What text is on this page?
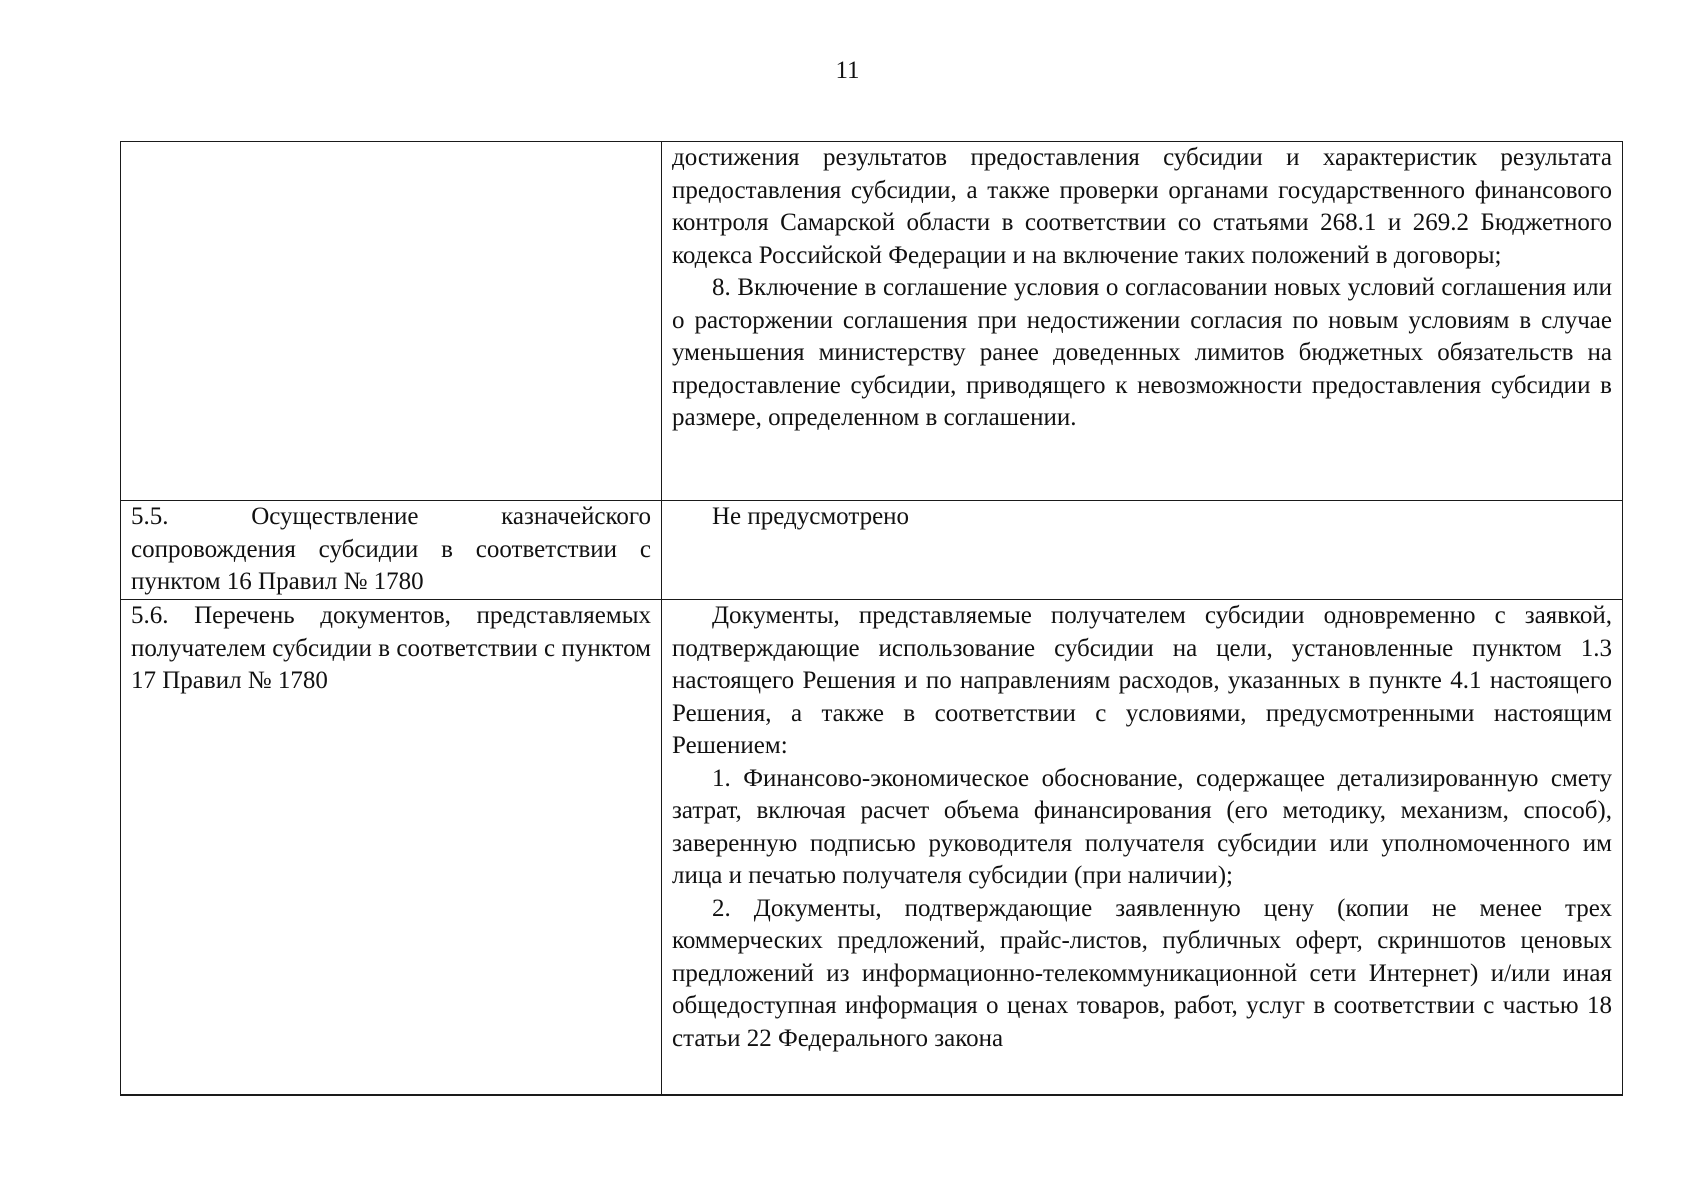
11

	достижения результатов предоставления субсидии и характеристик результата предоставления субсидии, а также проверки органами государственного финансового контроля Самарской области в соответствии со статьями 268.1 и 269.2 Бюджетного кодекса Российской Федерации и на включение таких положений в договоры;

8. Включение в соглашение условия о согласовании новых условий соглашения или о расторжении соглашения при недостижении согласия по новым условиям в случае уменьшения министерству ранее доведенных лимитов бюджетных обязательств на предоставление субсидии, приводящего к невозможности предоставления субсидии в размере, определенном в соглашении.

5.5. Осуществление казначейского сопровождения субсидии в соответствии с пунктом 16 Правил № 1780	Не предусмотрено

5.6. Перечень документов, представляемых получателем субсидии в соответствии с пунктом 17 Правил № 1780	Документы, представляемые получателем субсидии одновременно с заявкой, подтверждающие использование субсидии на цели, установленные пунктом 1.3 настоящего Решения и по направлениям расходов, указанных в пункте 4.1 настоящего Решения, а также в соответствии с условиями, предусмотренными настоящим Решением:

1. Финансово-экономическое обоснование, содержащее детализированную смету затрат, включая расчет объема финансирования (его методику, механизм, способ), заверенную подписью руководителя получателя субсидии или уполномоченного им лица и печатью получателя субсидии (при наличии);

2. Документы, подтверждающие заявленную цену (копии не менее трех коммерческих предложений, прайс-листов, публичных оферт, скриншотов ценовых предложений из информационно-телекоммуникационной сети Интернет) и/или иная общедоступная информация о ценах товаров, работ, услуг в соответствии с частью 18 статьи 22 Федерального закона
